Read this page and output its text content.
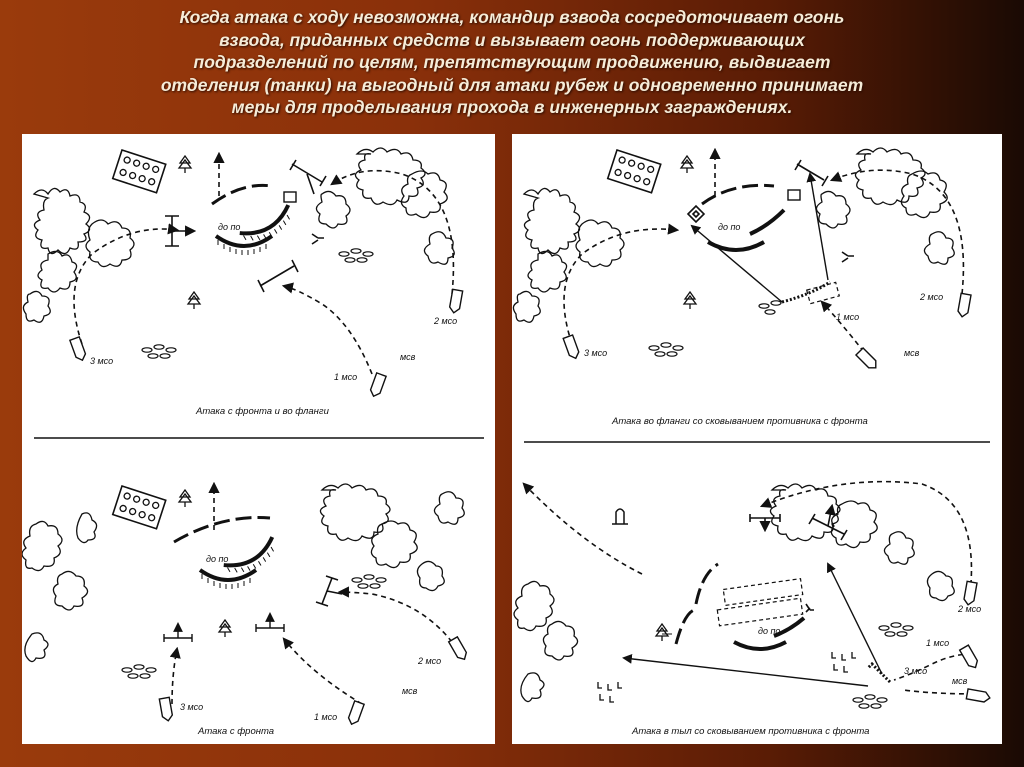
Когда атака с ходу невозможна, командир взвода сосредоточивает огонь
взвода, приданных средств и вызывает огонь поддерживающих
подразделений по целям, препятствующим продвижению, выдвигает
отделения (танки) на выгодный для атаки рубеж и одновременно принимает
меры для проделывания прохода в инженерных заграждениях.
до по
3 мсо
2 мсо
1 мсо
мсв
Атака с фронта и во фланги
до по
3 мсо
2 мсо
1 мсо
мсв
Атака с фронта
до по
3 мсо
2 мсо
1 мсо
мсв
Атака во фланги со сковыванием противника с фронта
до по
2 мсо
1 мсо
3 мсо
мсв
Атака в тыл со сковыванием противника с фронта
